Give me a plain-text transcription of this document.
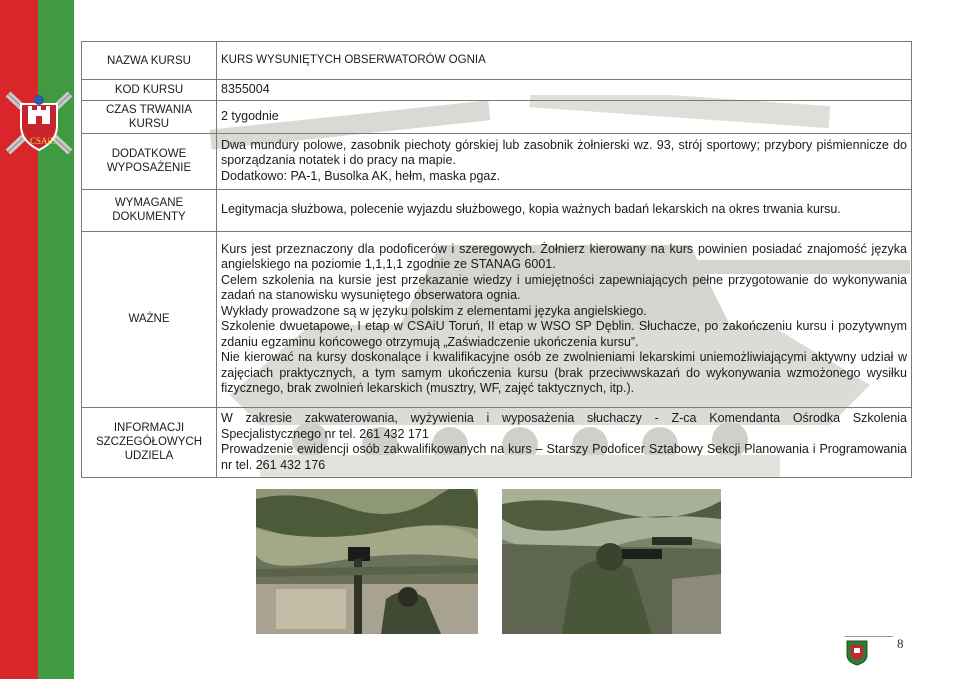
CSAiU
NAZWA KURSU	KURS WYSUNIĘTYCH OBSERWATORÓW OGNIA
KOD KURSU	8355004
CZAS TRWANIA KURSU	2 tygodnie
DODATKOWE WYPOSAŻENIE	Dwa mundury polowe, zasobnik piechoty górskiej lub zasobnik żołnierski wz. 93, strój sportowy; przybory piśmiennicze do sporządzania notatek i do pracy na mapie.
Dodatkowo: PA-1, Busolka AK, hełm, maska pgaz.

WYMAGANE DOKUMENTY	Legitymacja służbowa, polecenie wyjazdu służbowego, kopia ważnych badań lekarskich na okres trwania kursu.
WAŻNE	Kurs jest przeznaczony dla podoficerów i szeregowych. Żołnierz kierowany na kurs powinien posiadać znajomość języka angielskiego na poziomie 1,1,1,1 zgodnie ze STANAG 6001.
Celem szkolenia na kursie jest przekazanie wiedzy i umiejętności zapewniających pełne przygotowanie do wykonywania zadań na stanowisku wysuniętego obserwatora ognia.
Wykłady prowadzone są w języku polskim z elementami języka angielskiego.
Szkolenie dwuetapowe, I etap w CSAiU Toruń, II etap w WSO SP Dęblin. Słuchacze, po zakończeniu kursu i pozytywnym zdaniu egzaminu końcowego otrzymują „Zaświadczenie ukończenia kursu”.
Nie kierować na kursy doskonalące i kwalifikacyjne osób ze zwolnieniami lekarskimi uniemożliwiającymi aktywny udział w zajęciach praktycznych, a tym samym ukończenia kursu (brak przeciwwskazań do wykonywania wzmożonego wysiłku fizycznego, brak zwolnień lekarskich (musztry, WF, zajęć taktycznych, itp.).

INFORMACJI SZCZEGÓŁOWYCH UDZIELA	W zakresie zakwaterowania, wyżywienia i wyposażenia słuchaczy - Z-ca Komendanta Ośrodka Szkolenia Specjalistycznego nr tel. 261 432 171
Prowadzenie ewidencji osób zakwalifikowanych na kurs – Starszy Podoficer Sztabowy Sekcji Planowania i Programowania nr tel. 261 432 176
8
